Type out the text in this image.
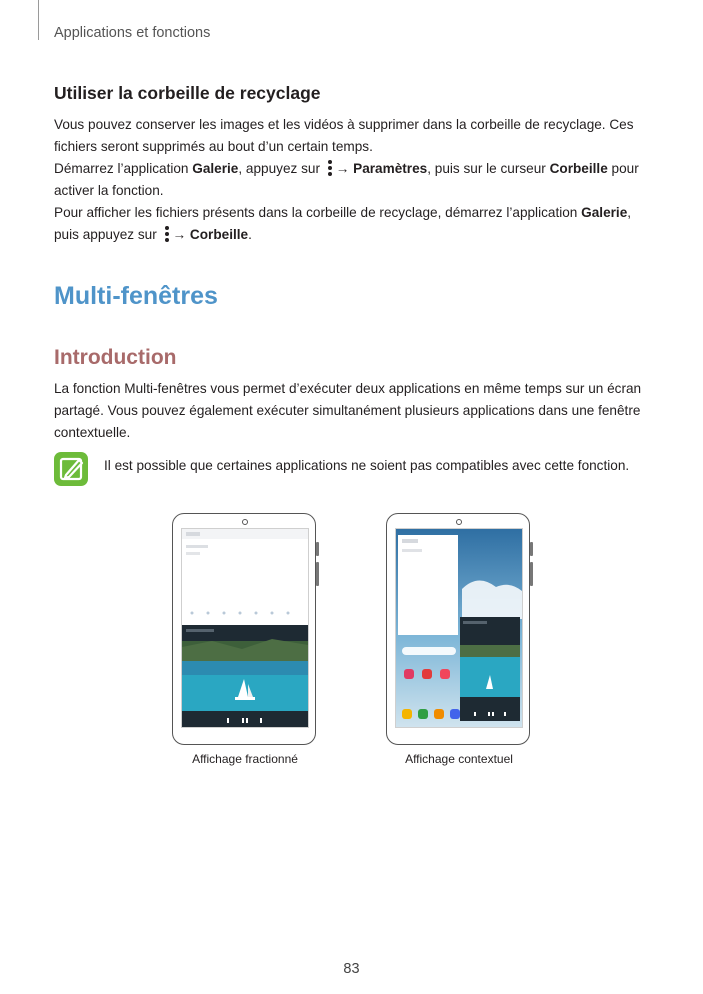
Applications et fonctions
Utiliser la corbeille de recyclage

Vous pouvez conserver les images et les vidéos à supprimer dans la corbeille de recyclage. Ces fichiers seront supprimés au bout d’un certain temps.

Démarrez l’application Galerie, appuyez sur
→ Paramètres, puis sur le curseur Corbeille pour activer la fonction.

Pour afficher les fichiers présents dans la corbeille de recyclage, démarrez l’application Galerie, puis appuyez sur
→ Corbeille.

Multi-fenêtres
Introduction

La fonction Multi-fenêtres vous permet d’exécuter deux applications en même temps sur un écran partagé. Vous pouvez également exécuter simultanément plusieurs applications dans une fenêtre contextuelle.

Il est possible que certaines applications ne soient pas compatibles avec cette fonction.
Affichage fractionné	Affichage contextuel
83
